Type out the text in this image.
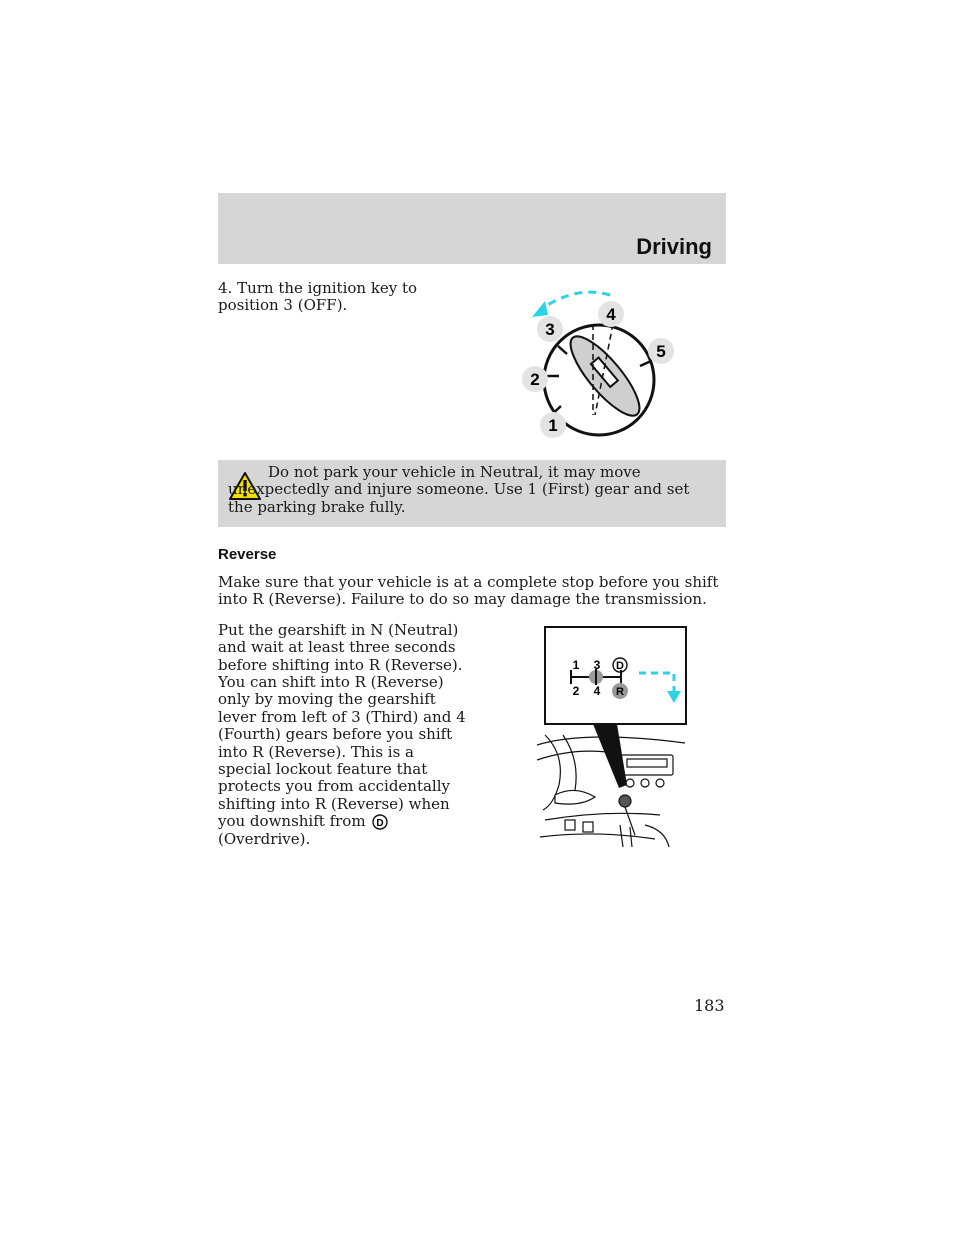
Driving

4. Turn the ignition key to position 3 (OFF).

3
4
5
2
1

Do not park your vehicle in Neutral, it may move unexpectedly and injure someone. Use 1 (First) gear and set the parking brake fully.

Reverse

Make sure that your vehicle is at a complete stop before you shift into R (Reverse). Failure to do so may damage the transmission.

Put the gearshift in N (Neutral) and wait at least three seconds before shifting into R (Reverse).

You can shift into R (Reverse) only by moving the gearshift lever from left of 3 (Third) and 4 (Fourth) gears before you shift into R (Reverse). This is a special lockout feature that protects you from accidentally shifting into R (Reverse) when you downshift from D
(Overdrive).

1 3 D
2 4 R
183
